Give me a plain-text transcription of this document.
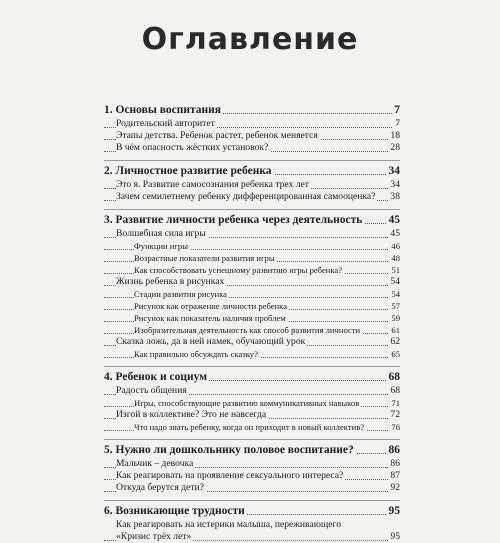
Оглавление
1. Основы воспитания	7
Родительский авторитет	7
Этапы детства. Ребенок растет, ребенок меняется	18
В чём опасность жёстких установок?	28
2. Личностное развитие ребенка	34
Это я. Развитие самосознания ребенка трех лет	34
Зачем семилетнему ребенку дифференцированная самооценка? 38
3. Развитие личности ребенка через деятельность 45
Волшебная сила игры	45
Функции игры	46
Возрастные показатели развития игры	48
Как способствовать успешному развитию игры ребенка?	51
Жизнь ребенка в рисунках	54
Стадии развития рисунка	54
Рисунок как отражение личности ребенка	57
Рисунок как показатель наличия проблем	59
Изобразительная деятельность как способ развития личности	61
Сказка ложь, да в ней намек, обучающий урок	62
Как правильно обсуждать сказку?	65
4. Ребенок и социум	68
Радость общения	68
Игры, способствующие развитию коммуникативных навыков	71
Изгой в коллективе? Это не навсегда	72
Что надо знать ребенку, когда он приходит в новый коллектив?	76
5. Нужно ли дошкольнику половое воспитание?	86
Мальчик – девочка	86
Как реагировать на проявление сексуального интереса?	87
Откуда берутся дети?	92
6. Возникающие трудности	95
Как реагировать на истерики малыша, переживающего
«Кризис трёх лет»	95
